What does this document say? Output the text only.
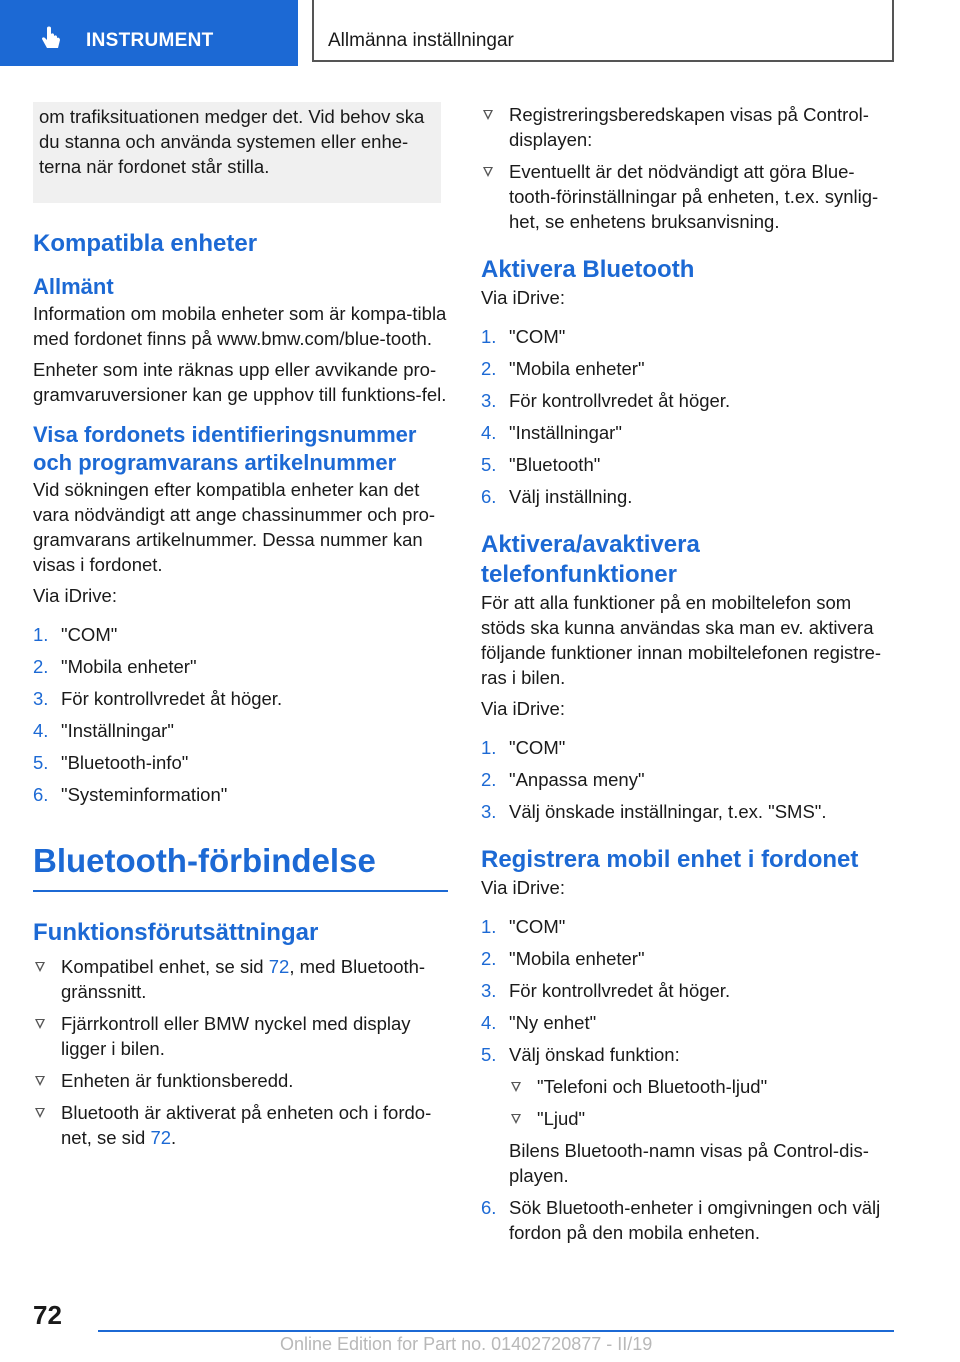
INSTRUMENT	Allmänna inställningar

om trafiksituationen medger det. Vid behov ska du stanna och använda systemen eller enhe-terna när fordonet står stilla.

Kompatibla enheter
Allmänt

Information om mobila enheter som är kompa-tibla med fordonet finns på www.bmw.com/blue-tooth.

Enheter som inte räknas upp eller avvikande pro-gramvaruversioner kan ge upphov till funktions-fel.

Visa fordonets identifieringsnummer och programvarans artikelnummer

Vid sökningen efter kompatibla enheter kan det vara nödvändigt att ange chassinummer och pro-gramvarans artikelnummer. Dessa nummer kan visas i fordonet.

Via iDrive:

1. "COM"
2. "Mobila enheter"
3. För kontrollvredet åt höger.
4. "Inställningar"
5. "Bluetooth-info"
6. "Systeminformation"
Bluetooth-förbindelse
Funktionsförutsättningar
Kompatibel enhet, se sid 72, med Bluetooth-gränssnitt.
Fjärrkontroll eller BMW nyckel med display ligger i bilen.
Enheten är funktionsberedd.
Bluetooth är aktiverat på enheten och i fordo-net, se sid 72.
Registreringsberedskapen visas på Control-displayen:
Eventuellt är det nödvändigt att göra Blue-tooth-förinställningar på enheten, t.ex. synlig-het, se enhetens bruksanvisning.
Aktivera Bluetooth

Via iDrive:

1. "COM"
2. "Mobila enheter"
3. För kontrollvredet åt höger.
4. "Inställningar"
5. "Bluetooth"
6. Välj inställning.
Aktivera/avaktivera telefonfunktioner

För att alla funktioner på en mobiltelefon som stöds ska kunna användas ska man ev. aktivera följande funktioner innan mobiltelefonen registre-ras i bilen.

Via iDrive:

1. "COM"
2. "Anpassa meny"
3. Välj önskade inställningar, t.ex. "SMS".
Registrera mobil enhet i fordonet

Via iDrive:

1. "COM"
2. "Mobila enheter"
3. För kontrollvredet åt höger.
4. "Ny enhet"
5. Välj önskad funktion:
"Telefoni och Bluetooth-ljud"
"Ljud"

Bilens Bluetooth-namn visas på Control-dis-playen.

6. Sök Bluetooth-enheter i omgivningen och välj fordon på den mobila enheten.
72
Online Edition for Part no. 01402720877 - II/19
